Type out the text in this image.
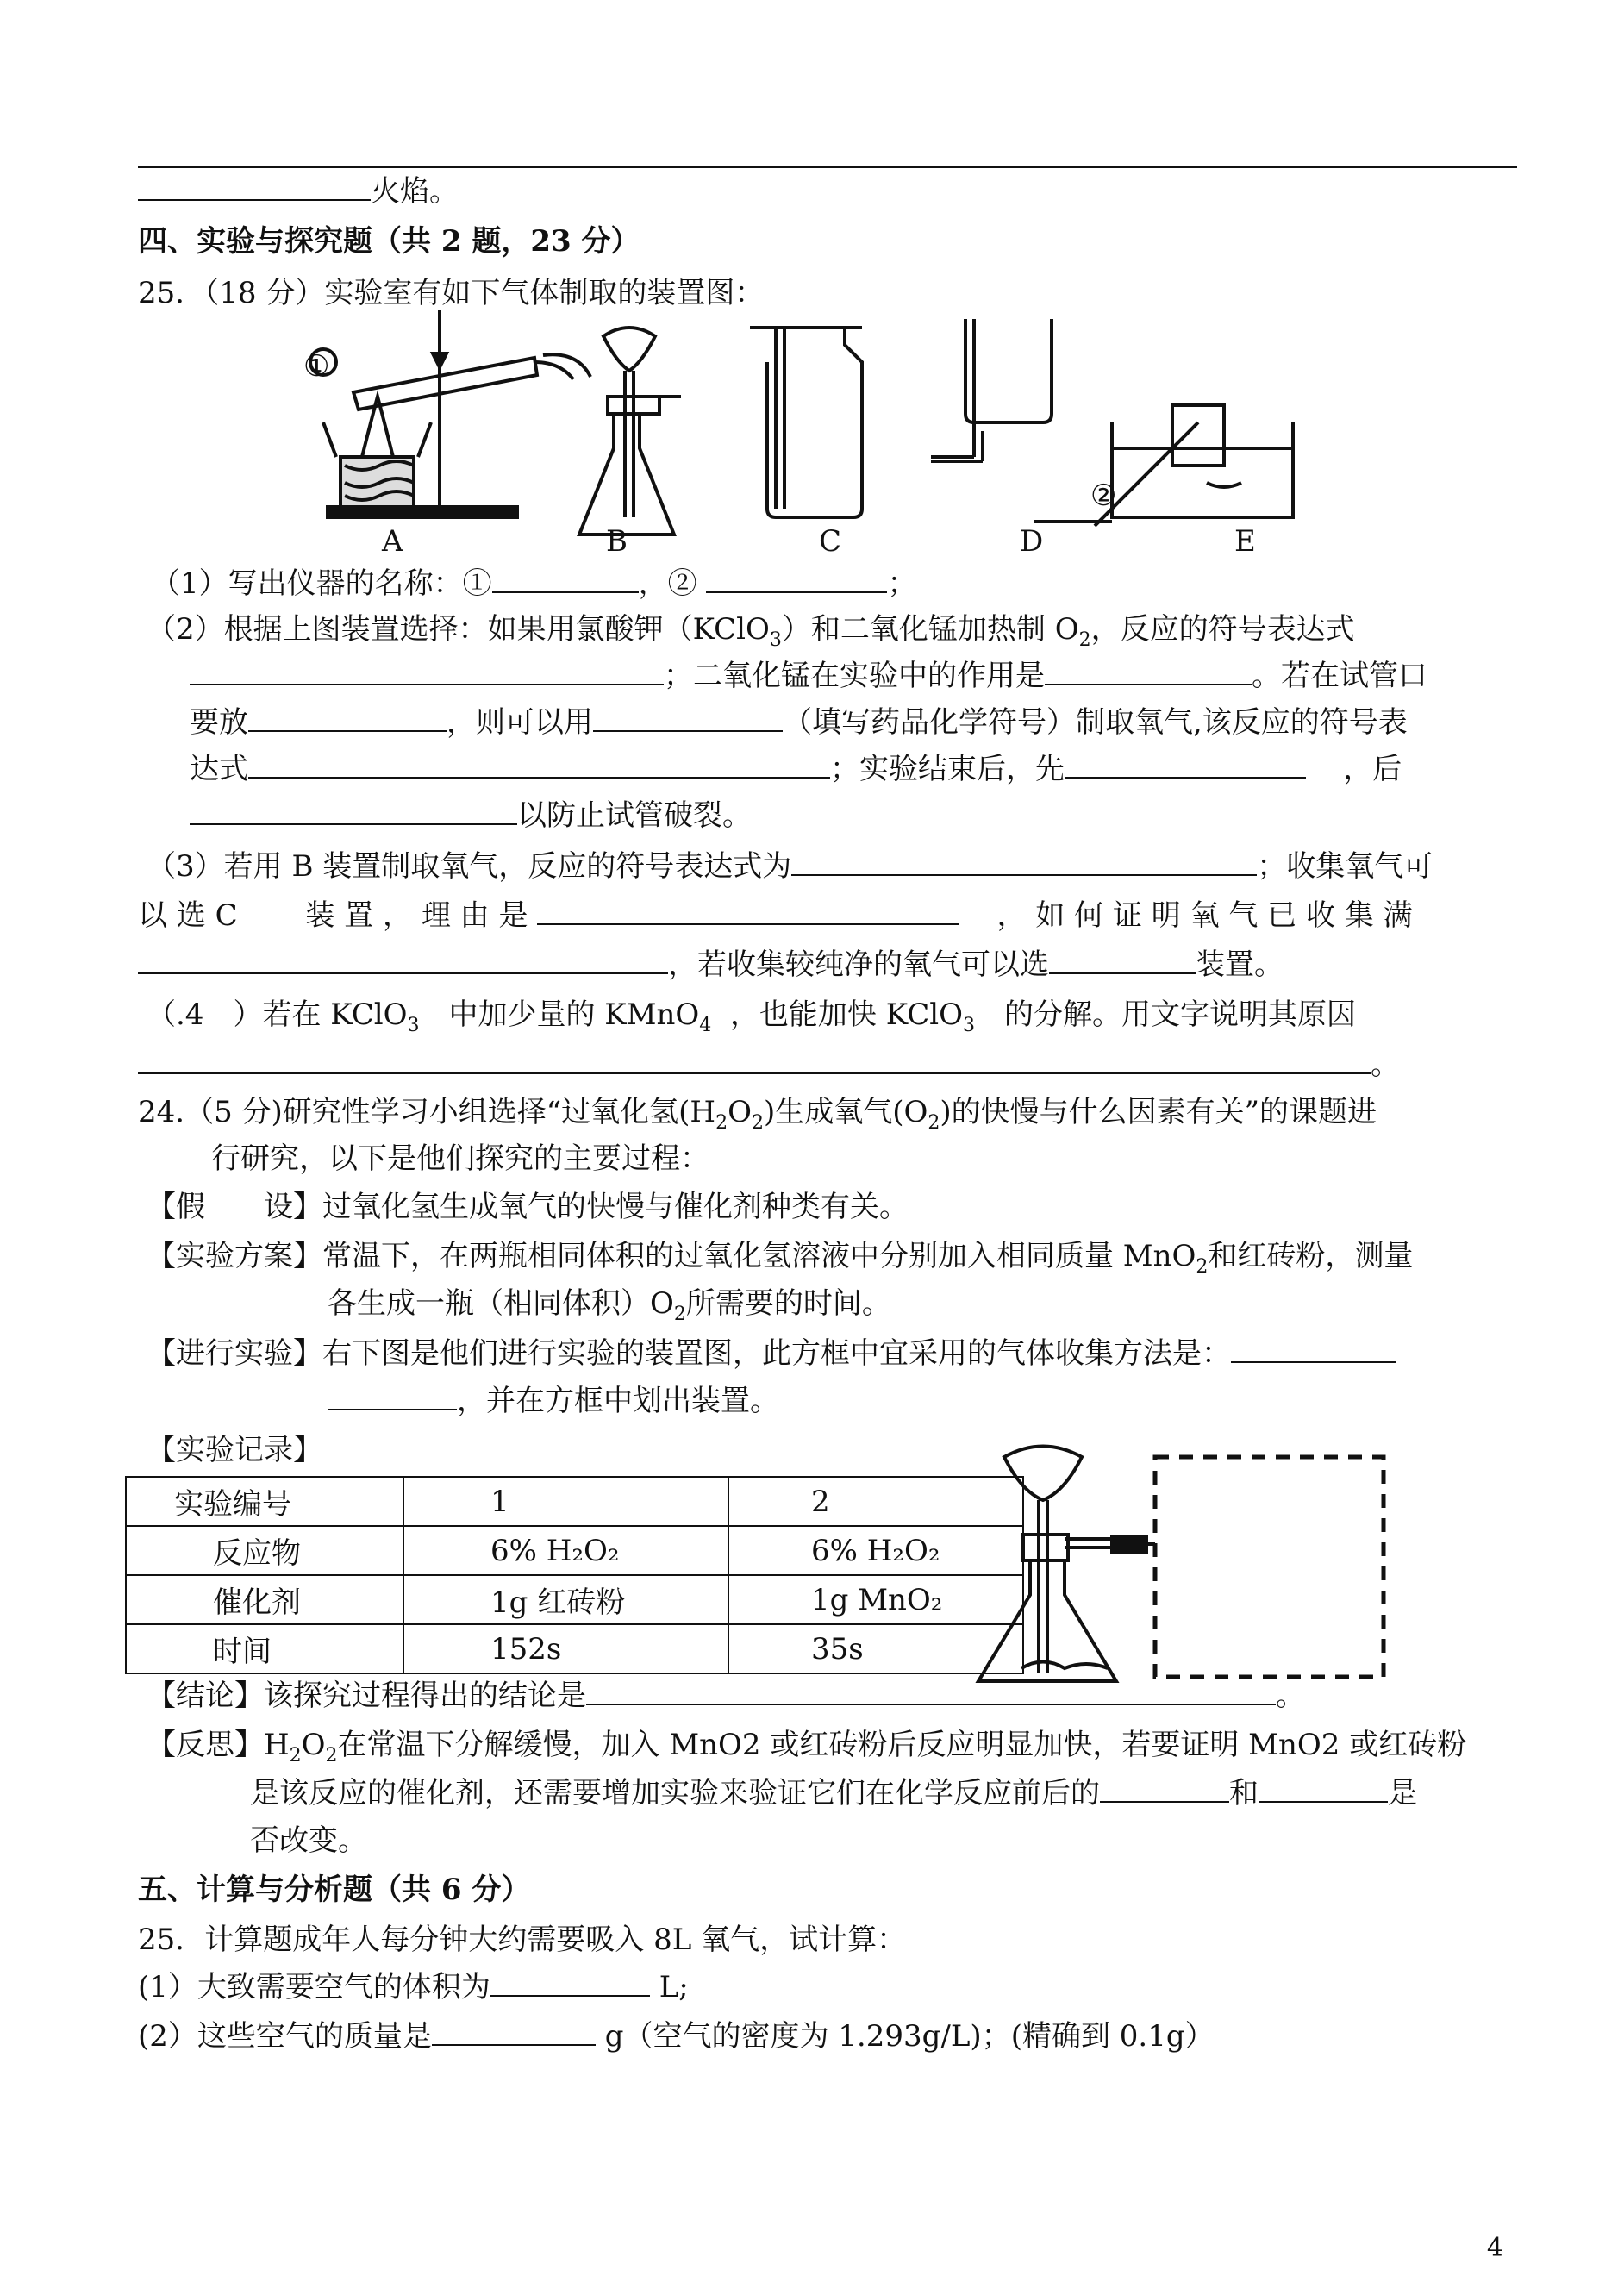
火焰。
四、实验与探究题（共 2 题，23 分）
25．（18 分）实验室有如下气体制取的装置图：
①
②
A	B	C	D	E
（1）写出仪器的名称：①	，②	；
（2）根据上图装置选择：如果用氯酸钾（KClO$_3$）和二氧化锰加热制 $O_2$，反应的符号表达式
；二氧化锰在实验中的作用是	。若在试管口
要放	，则可以用	（填写药品化学符号）制取氧气,该反应的符号表
达式	；实验结束后，先	，后
以防止试管破裂。
（3）若用 B 装置制取氧气，反应的符号表达式为	；收集氧气可
以 选 C 　　装 置 ， 理 由 是	， 如 何 证 明 氧 气 已 收 集 满
，若收集较纯净的氧气可以选	装置。
（.4　）若在 KClO$_3$　中加少量的 KMnO$_4$ ，也能加快 KClO$_3$　的分解。用文字说明其原因
。
24.（5 分)研究性学习小组选择“过氧化氢$(H_2O_2)$生成氧气$(O_2)$的快慢与什么因素有关”的课题进
行研究，以下是他们探究的主要过程：
【假　　设】过氧化氢生成氧气的快慢与催化剂种类有关。
【实验方案】常温下，在两瓶相同体积的过氧化氢溶液中分别加入相同质量 MnO$_2$和红砖粉，测量
各生成一瓶（相同体积）$O_2$所需要的时间。
【进行实验】右下图是他们进行实验的装置图，此方框中宜采用的气体收集方法是：
，并在方框中划出装置。
【实验记录】
实验编号	1	2
反应物	6% H₂O₂	6% H₂O₂
催化剂	1g 红砖粉	1g MnO₂
时间	152s	35s
【结论】该探究过程得出的结论是	。
【反思】$H_2O_2$在常温下分解缓慢，加入 MnO2 或红砖粉后反应明显加快，若要证明 MnO2 或红砖粉
是该反应的催化剂，还需要增加实验来验证它们在化学反应前后的	和	是
否改变。
五、计算与分析题（共 6 分）
25．计算题成年人每分钟大约需要吸入 8L 氧气，试计算：
(1）大致需要空气的体积为	L;
(2）这些空气的质量是	g（空气的密度为 1.293g/L)；(精确到 0.1g）
4
